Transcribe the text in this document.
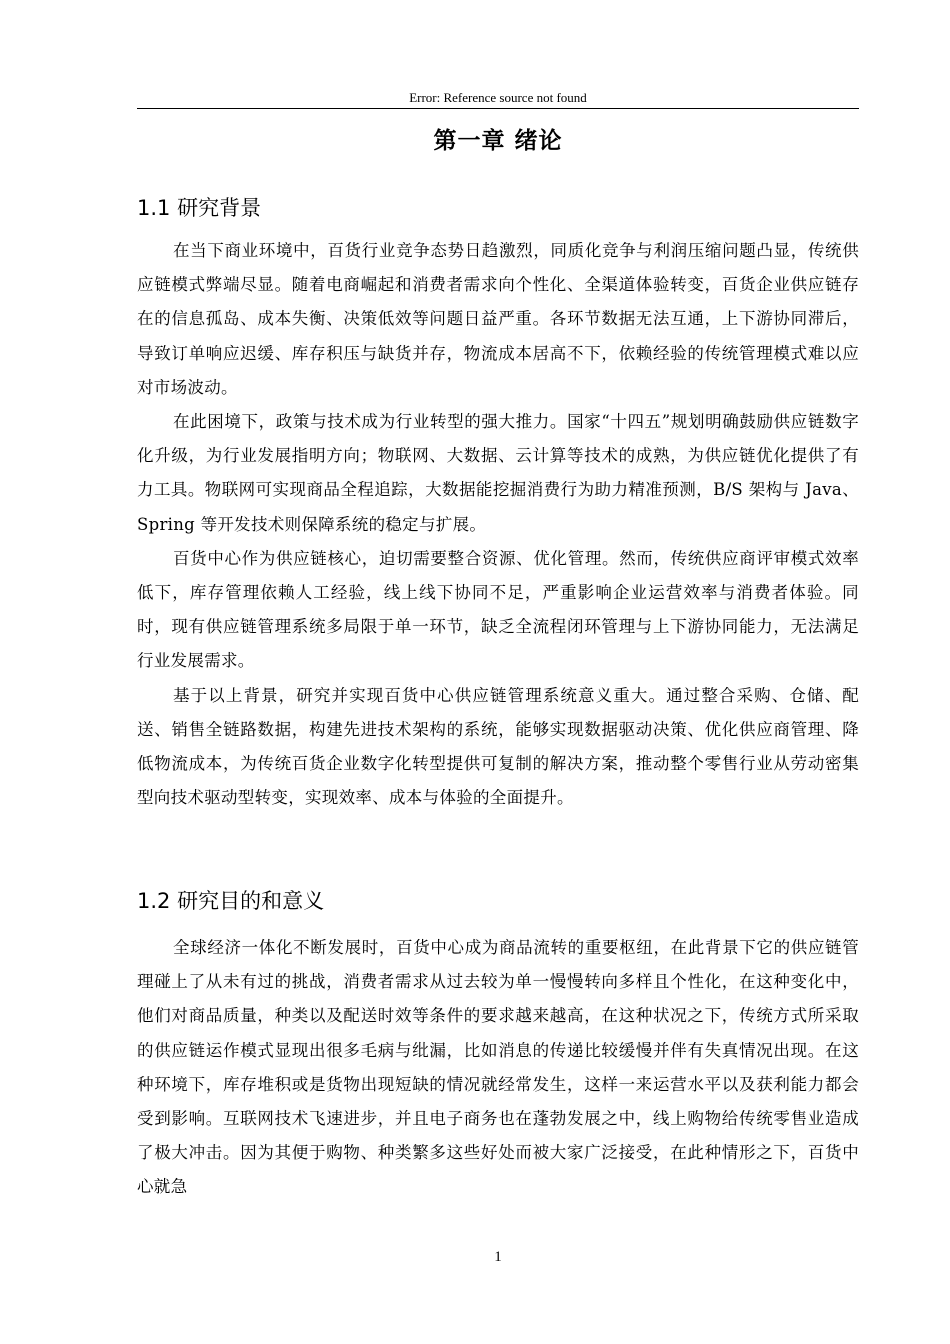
Error: Reference source not found
第一章 绪论
1.1 研究背景

在当下商业环境中，百货行业竞争态势日趋激烈，同质化竞争与利润压缩问题凸显，传统供应链模式弊端尽显。随着电商崛起和消费者需求向个性化、全渠道体验转变，百货企业供应链存在的信息孤岛、成本失衡、决策低效等问题日益严重。各环节数据无法互通，上下游协同滞后，导致订单响应迟缓、库存积压与缺货并存，物流成本居高不下，依赖经验的传统管理模式难以应对市场波动。

在此困境下，政策与技术成为行业转型的强大推力。国家“十四五”规划明确鼓励供应链数字化升级，为行业发展指明方向；物联网、大数据、云计算等技术的成熟，为供应链优化提供了有力工具。物联网可实现商品全程追踪，大数据能挖掘消费行为助力精准预测，B/S 架构与 Java、Spring 等开发技术则保障系统的稳定与扩展。

百货中心作为供应链核心，迫切需要整合资源、优化管理。然而，传统供应商评审模式效率低下，库存管理依赖人工经验，线上线下协同不足，严重影响企业运营效率与消费者体验。同时，现有供应链管理系统多局限于单一环节，缺乏全流程闭环管理与上下游协同能力，无法满足行业发展需求。

基于以上背景，研究并实现百货中心供应链管理系统意义重大。通过整合采购、仓储、配送、销售全链路数据，构建先进技术架构的系统，能够实现数据驱动决策、优化供应商管理、降低物流成本，为传统百货企业数字化转型提供可复制的解决方案，推动整个零售行业从劳动密集型向技术驱动型转变，实现效率、成本与体验的全面提升。

1.2 研究目的和意义

全球经济一体化不断发展时，百货中心成为商品流转的重要枢纽，在此背景下它的供应链管理碰上了从未有过的挑战，消费者需求从过去较为单一慢慢转向多样且个性化，在这种变化中，他们对商品质量，种类以及配送时效等条件的要求越来越高，在这种状况之下，传统方式所采取的供应链运作模式显现出很多毛病与纰漏，比如消息的传递比较缓慢并伴有失真情况出现。在这种环境下，库存堆积或是货物出现短缺的情况就经常发生，这样一来运营水平以及获利能力都会受到影响。互联网技术飞速进步，并且电子商务也在蓬勃发展之中，线上购物给传统零售业造成了极大冲击。因为其便于购物、种类繁多这些好处而被大家广泛接受，在此种情形之下，百货中心就急

1
